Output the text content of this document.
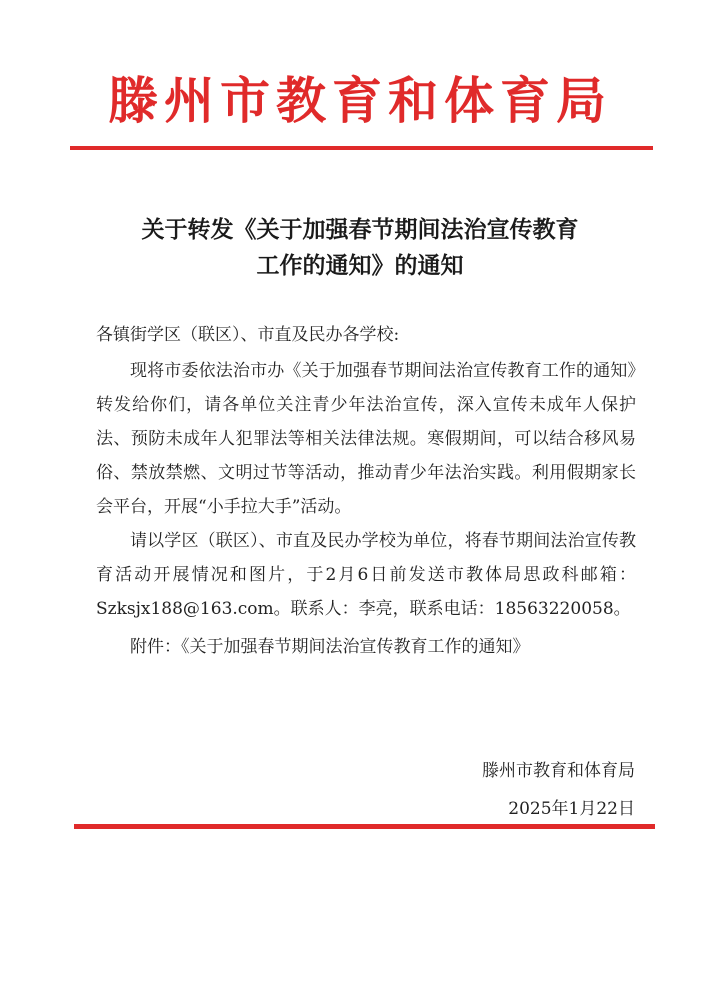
滕州市教育和体育局
关于转发《关于加强春节期间法治宣传教育
工作的通知》的通知

各镇街学区（联区）、市直及民办各学校:

现将市委依法治市办《关于加强春节期间法治宣传教育工作的通知》转发给你们，请各单位关注青少年法治宣传，深入宣传未成年人保护法、预防未成年人犯罪法等相关法律法规。寒假期间，可以结合移风易俗、禁放禁燃、文明过节等活动，推动青少年法治实践。利用假期家长会平台，开展“小手拉大手”活动。

请以学区（联区）、市直及民办学校为单位，将春节期间法治宣传教育活动开展情况和图片，于2月6日前发送市教体局思政科邮箱：Szksjx188@163.com。联系人：李亮，联系电话：18563220058。

附件：《关于加强春节期间法治宣传教育工作的通知》

滕州市教育和体育局
2025年1月22日
